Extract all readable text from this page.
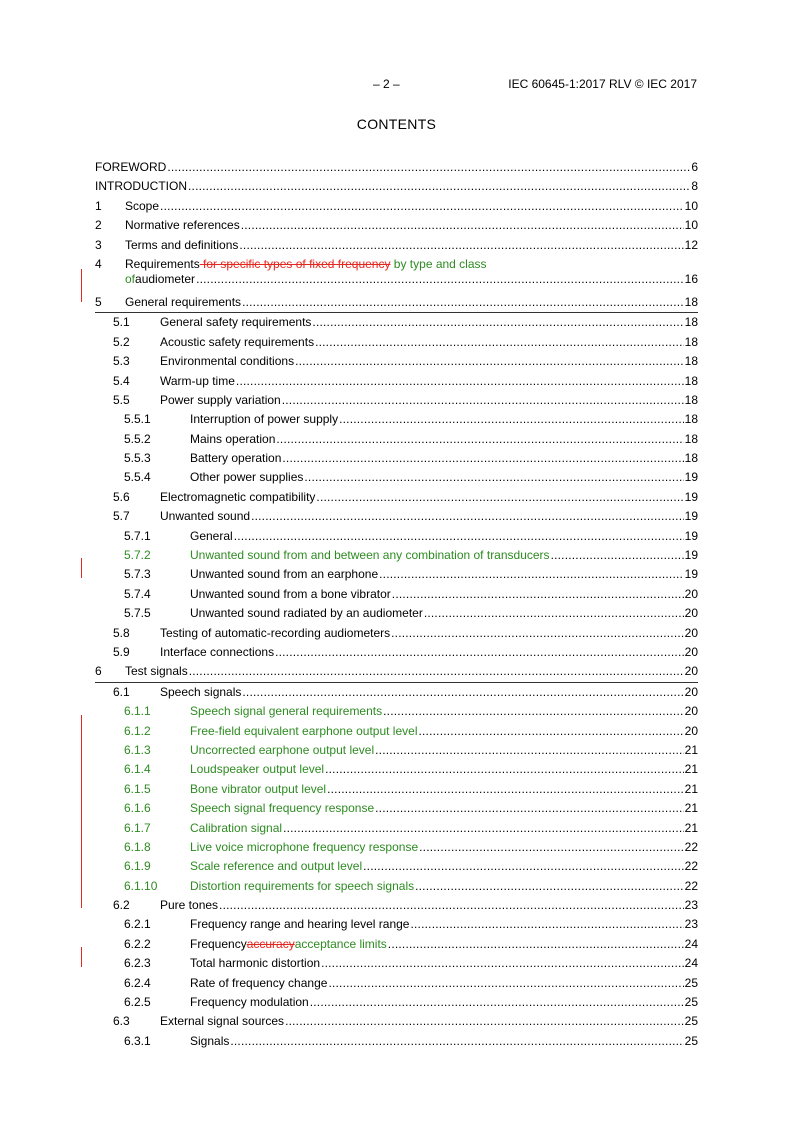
– 2 –	IEC 60645-1:2017 RLV © IEC 2017
CONTENTS
FOREWORD .....	6
INTRODUCTION .....	8
1 Scope .....	10
2 Normative references .....	10
3 Terms and definitions .....	12
4 Requirements for specific types of fixed frequency by type and class
of audiometer .....	16
5 General requirements .....	18
5.1	General safety requirements .....	18
5.2	Acoustic safety requirements .....	18
5.3	Environmental conditions .....	18
5.4	Warm-up time .....	18
5.5	Power supply variation .....	18
5.5.1	Interruption of power supply .....	18
5.5.2	Mains operation .....	18
5.5.3	Battery operation .....	18
5.5.4	Other power supplies .....	19
5.6	Electromagnetic compatibility .....	19
5.7	Unwanted sound .....	19
5.7.1	General .....	19
5.7.2	Unwanted sound from and between any combination of transducers .....	19
5.7.3	Unwanted sound from an earphone .....	19
5.7.4	Unwanted sound from a bone vibrator .....	20
5.7.5	Unwanted sound radiated by an audiometer .....	20
5.8	Testing of automatic-recording audiometers .....	20
5.9	Interface connections .....	20
6 Test signals .....	20
6.1	Speech signals .....	20
6.1.1	Speech signal general requirements .....	20
6.1.2	Free-field equivalent earphone output level .....	20
6.1.3	Uncorrected earphone output level .....	21
6.1.4	Loudspeaker output level .....	21
6.1.5	Bone vibrator output level .....	21
6.1.6	Speech signal frequency response .....	21
6.1.7	Calibration signal .....	21
6.1.8	Live voice microphone frequency response .....	22
6.1.9	Scale reference and output level .....	22
6.1.10	Distortion requirements for speech signals .....	22
6.2	Pure tones .....	23
6.2.1	Frequency range and hearing level range .....	23
6.2.2	Frequency accuracy acceptance limits .....	24
6.2.3	Total harmonic distortion .....	24
6.2.4	Rate of frequency change .....	25
6.2.5	Frequency modulation .....	25
6.3	External signal sources .....	25
6.3.1	Signals .....	25
